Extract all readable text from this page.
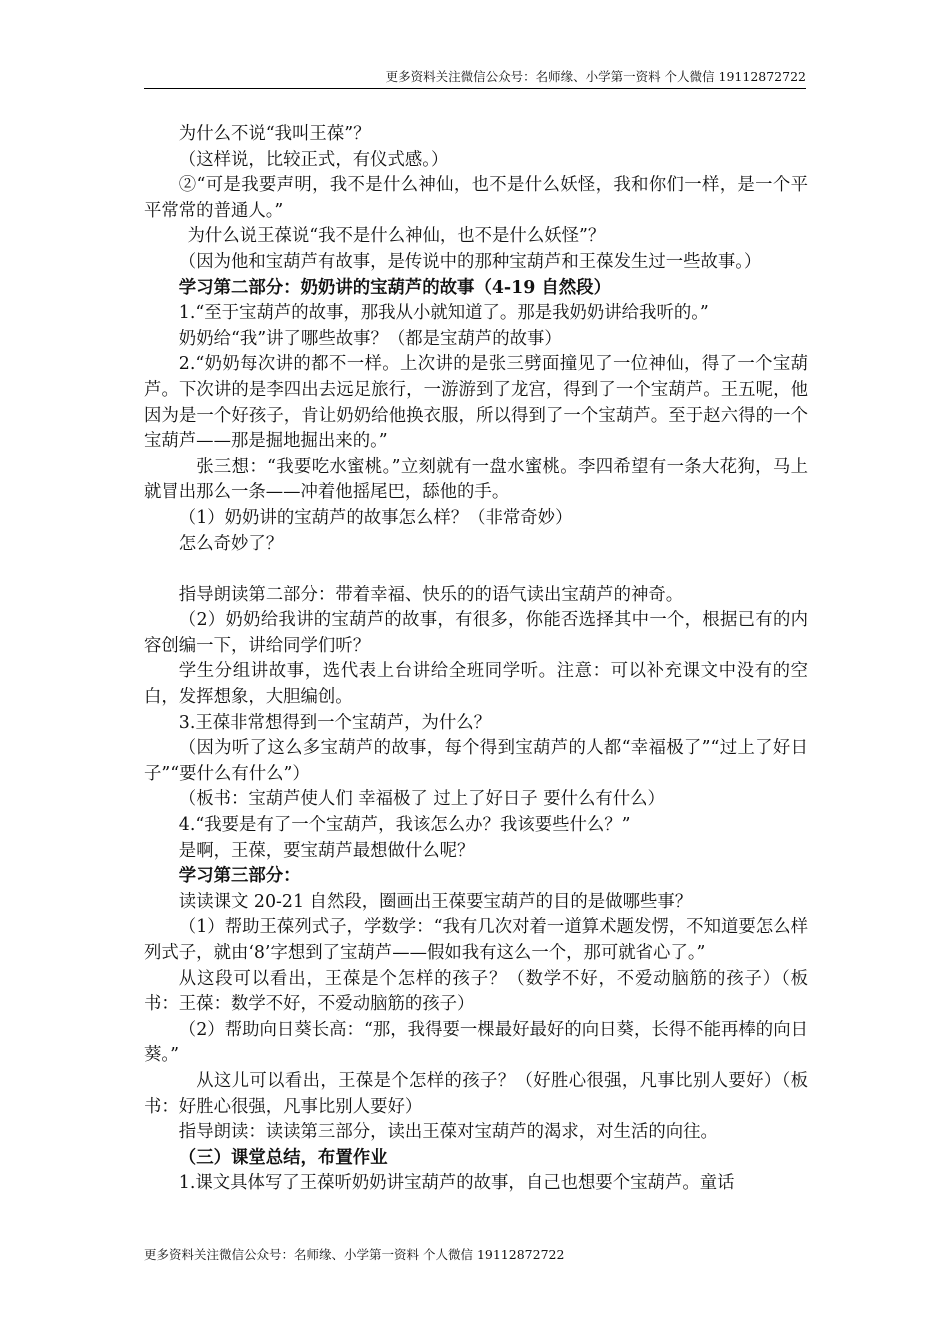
更多资料关注微信公众号：名师缘、小学第一资料 个人微信 19112872722

为什么不说“我叫王葆”？

（这样说，比较正式，有仪式感。）

②“可是我要声明，我不是什么神仙，也不是什么妖怪，我和你们一样，是一个平平常常的普通人。”

为什么说王葆说“我不是什么神仙，也不是什么妖怪”？

（因为他和宝葫芦有故事，是传说中的那种宝葫芦和王葆发生过一些故事。）

学习第二部分：奶奶讲的宝葫芦的故事（4-19 自然段）

1.“至于宝葫芦的故事，那我从小就知道了。那是我奶奶讲给我听的。”

奶奶给“我”讲了哪些故事？（都是宝葫芦的故事）

2.“奶奶每次讲的都不一样。上次讲的是张三劈面撞见了一位神仙，得了一个宝葫芦。下次讲的是李四出去远足旅行，一游游到了龙宫，得到了一个宝葫芦。王五呢，他因为是一个好孩子，肯让奶奶给他换衣服，所以得到了一个宝葫芦。至于赵六得的一个宝葫芦——那是掘地掘出来的。”

张三想：“我要吃水蜜桃。”立刻就有一盘水蜜桃。李四希望有一条大花狗，马上就冒出那么一条——冲着他摇尾巴，舔他的手。

（1）奶奶讲的宝葫芦的故事怎么样？（非常奇妙）

怎么奇妙了？

指导朗读第二部分：带着幸福、快乐的的语气读出宝葫芦的神奇。

（2）奶奶给我讲的宝葫芦的故事，有很多，你能否选择其中一个，根据已有的内容创编一下，讲给同学们听？

学生分组讲故事，选代表上台讲给全班同学听。注意：可以补充课文中没有的空白，发挥想象，大胆编创。

3.王葆非常想得到一个宝葫芦，为什么？

（因为听了这么多宝葫芦的故事，每个得到宝葫芦的人都“幸福极了”“过上了好日子”“要什么有什么”）

（板书：宝葫芦使人们 幸福极了 过上了好日子 要什么有什么）

4.“我要是有了一个宝葫芦，我该怎么办？我该要些什么？”

是啊，王葆，要宝葫芦最想做什么呢？

学习第三部分：

读读课文 20-21 自然段，圈画出王葆要宝葫芦的目的是做哪些事？

（1）帮助王葆列式子，学数学：“我有几次对着一道算术题发愣，不知道要怎么样列式子，就由‘8’字想到了宝葫芦——假如我有这么一个，那可就省心了。”

从这段可以看出，王葆是个怎样的孩子？（数学不好，不爱动脑筋的孩子）（板书：王葆：数学不好，不爱动脑筋的孩子）

（2）帮助向日葵长高：“那，我得要一棵最好最好的向日葵，长得不能再棒的向日葵。”

从这儿可以看出，王葆是个怎样的孩子？（好胜心很强，凡事比别人要好）（板书：好胜心很强，凡事比别人要好）

指导朗读：读读第三部分，读出王葆对宝葫芦的渴求，对生活的向往。

（三）课堂总结，布置作业

1.课文具体写了王葆听奶奶讲宝葫芦的故事，自己也想要个宝葫芦。童话

更多资料关注微信公众号：名师缘、小学第一资料 个人微信 19112872722
